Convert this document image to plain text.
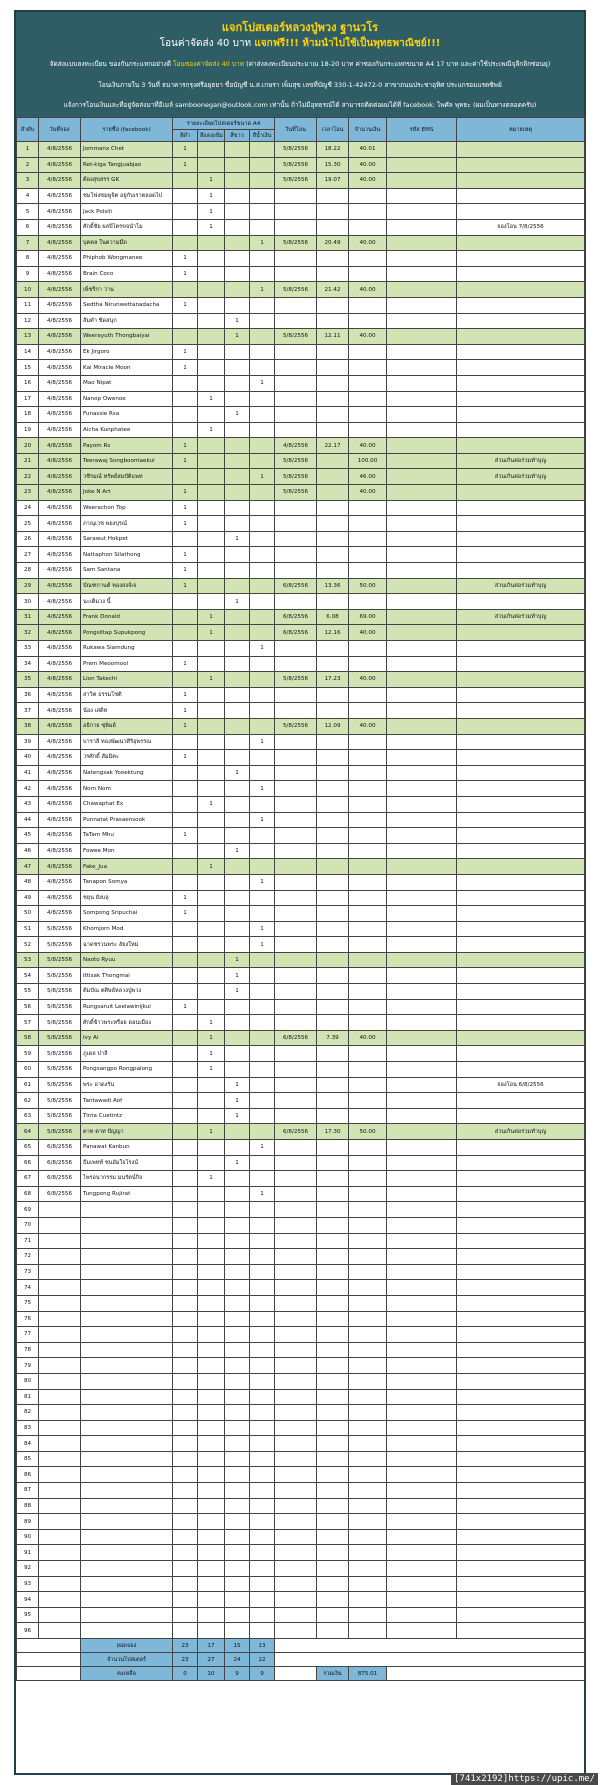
แจกโปสเตอร์หลวงปู่พวง ฐานวโร
โอนค่าจัดส่ง 40 บาท แจกฟรี!!! ห้ามนำไปใช้เป็นพุทธพาณิชย์!!!
จัดส่งแบบลงทะเบียน ของกันกระแทกอย่างดี โอนซองค่าจัดส่ง 40 บาท (ค่าส่งลงทะเบียนประมาณ 18-20 บาท ค่าซองกันกระแทกขนาด A4 17 บาท และค่าใช้ประเพณีจุลีกลิกซ่อนยุ)
โอนเงินภายใน 3 วันที่ ธนาคารกรุงศรีอยุธยา ชื่อบัญชี น.ส.เกษรา เพ็มสุข เลขที่บัญชี 330-1-42472-0 สาขาถนนประชาอุทิศ ประแกรอมแรดซิพย์
แจ้งการโอนเงินและที่อยู่จัดส่งมาที่อีเมล์ samboonegan@outlook.com เท่านั้น ถ้าไม่มีอุทธรณ์ได้ สามารถติดต่อผมได้ที่ facebook: ไพศัล พุทธะ (ผมเป็นทางตลอดครับ)
ลำดับ	วันที่จอง	รายชื่อ (facebook)	รายละเอียดโปสเตอร์ขนาด A4				วันที่โอน	เวลาโอน	จำนวนเงิน	รหัส EMS	หมายเหตุ
			สีดำ	สีแดงเข้ม	สีขาว	สีน้ำเงิน					
1	4/8/2556	Jommanx Chet	1				5/8/2556	18.22	40.01		
2	4/8/2556	Ret-kiga Tangjuabjao	1				5/8/2556	15.30	40.00		
3	4/8/2556	ต้องสุขสรร GK		1			5/8/2556	19.07	40.00		
4	4/8/2556	ชมโฟงชมพูจิต อยู่กับเราตลอดไป		1							
5	4/8/2556	Jack Polsili		1							
6	4/8/2556	ศักดิ์ชัย ผลบิไตรขจนำไม		1							จองโอน 7/8/2556
7	4/8/2556	บุคคล ในความมืด				1	5/8/2556	20.49	40.00		
8	4/8/2556	Phiphob Wongmanee	1								
9	4/8/2556	Brain Coco	1								
10	4/8/2556	เพ็ชรีกา ว่าน				1	5/8/2556	21.42	40.00		
11	4/8/2556	Sedtha Nirunwettanadacha	1								
12	4/8/2556	ส้มตำ ชิดสนุก			1						
13	4/8/2556	Weerayuth Thongbaiyai			1		5/8/2556	12.11	40.00		
14	4/8/2556	Ek Jirgoro	1								
15	4/8/2556	Kai Miracle Moon	1								
16	4/8/2556	Mao Nipat				1					
17	4/8/2556	Nanop Owenoe		1							
18	4/8/2556	Funassie Rsa			1						
19	4/8/2556	Aicha Kunphatee		1							
20	4/8/2556	Payom Rs	1				4/8/2556	22.17	40.00		
21	4/8/2556	Teerawaj Songboontaekul	1				5/8/2556		100.00		ส่วนเกินต่อร่วมทำบุญ
22	4/8/2556	วชีรมณ์ ทรัพย์สมบัติแพท				1	5/8/2556		46.00		ส่วนเกินต่อร่วมทำบุญ
23	4/8/2556	Joke N Art	1				5/8/2556		40.00		
24	4/8/2556	Weerachon Top	1								
25	4/8/2556	ภาณุเวช พยงบุรณ์	1								
26	4/8/2556	Sarawut Hokpet			1						
27	4/8/2556	Nattaphon Silathong	1								
28	4/8/2556	Sam Santana	1								
29	4/8/2556	บัณฑกานต์ ทองสงจ์เจ	1				6/8/2556	13.36	50.00		ส่วนเกินต่อร่วมทำบุญ
30	4/8/2556	นะเต็มวง นี้			1						
31	4/8/2556	Frank Donald		1			6/8/2556	6.08	69.00		ส่วนเกินต่อร่วมทำบุญ
32	4/8/2556	Pongsiltap Supukpong		1			6/8/2556	12.16	40.00		
33	4/8/2556	Rukawa Siamdung				1					
34	4/8/2556	Prem Meoomool	1								
35	4/8/2556	Lion Takechi		1			5/8/2556	17.23	40.00		
36	4/8/2556	สาวิต ธรรมโชติ	1								
37	4/8/2556	น้อง เสดิท	1								
38	4/8/2556	อธิกาย ซุพิมย์	1				5/8/2556	12.09	40.00		
39	4/8/2556	บาราลี ทองพัฒนาศิริอุพรรณ				1					
40	4/8/2556	วรศักดิ์ สัมมิตะ	1								
41	4/8/2556	Natengsak Yooektung			1						
42	4/8/2556	Nom Nom				1					
43	4/8/2556	Chawaphat Ex		1							
44	4/8/2556	Punnatat Prasaensook				1					
45	4/8/2556	TaTam Mhu	1								
46	4/8/2556	Fowee Mon			1						
47	4/8/2556	Fake_Jua		1							
48	4/8/2556	Tanapon Somya				1					
49	4/8/2556	ชยุน ยังบลุ	1								
50	4/8/2556	Sompong Sripuchai	1								
51	5/8/2556	Khomjorn Mod				1					
52	5/8/2556	ฉาดชรวนพระ ลัยงใหม่				1					
53	5/8/2556	Naoto Ryuu			1						
54	5/8/2556	Ittisak Thongmai			1						
55	5/8/2556	ต้มบัณ ตศิษย์หลวงปู่พวง			1						
56	5/8/2556	Rungsaruit Leelawinijkul	1								
57	5/8/2556	ศักดิ์ข้าวพระหรือย ดอนเมือง		1							
58	5/8/2556	Ivy Ai		1			6/8/2556	7.39	40.00		
59	5/8/2556	ภูเดล ปาลี		1							
60	5/8/2556	Pongsangpo Rongpalong		1							
61	5/8/2556	พระ อาดงรัน			1						จองโอน 6/8/2556
62	5/8/2556	Tantawadi Aof			1						
63	5/8/2556	Tinta Cuetintz			1						
64	5/8/2556	ตาท ตาท ปัญญา		1			6/8/2556	17.30	50.00		ส่วนเกินต่อร่วมทำบุญ
65	6/8/2556	Panawat Kanbun				1					
66	6/8/2556	ธีมเพทท์ ชนอัมใจโรงน์			1						
67	6/8/2556	ไพรอนากรรม มนรัตน์กิจ		1							
68	6/8/2556	Tungpong Rujirat				1					
69											
70											
71											
72											
73											
74											
75											
76											
77											
78											
79											
80											
81											
82											
83											
84											
85											
86											
87											
88											
89											
90											
91											
92											
93											
94											
95											
96											
		ยอดจอง	23	17	15	13					
		จำนวนโปสเตอร์	23	27	24	22					
		คงเหลือ	0	10	9	9		รวมเงิน	875.01		
[741x2192]https://upic.me/
